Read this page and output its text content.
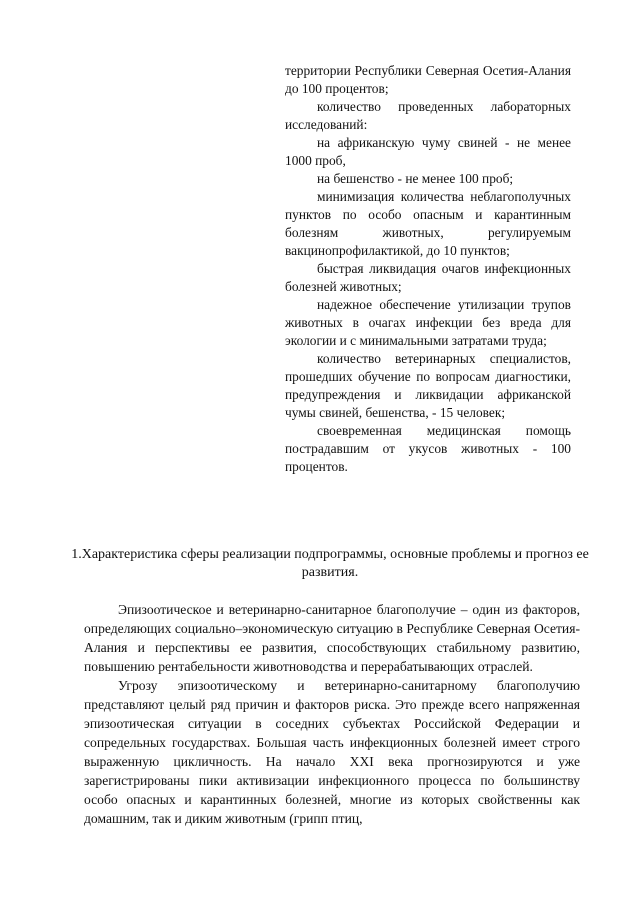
территории Республики Северная Осетия-Алания до 100 процентов;

количество проведенных лабораторных исследований:

на африканскую чуму свиней - не менее 1000 проб,

на бешенство - не менее 100 проб;

минимизация количества неблагополучных пунктов по особо опасным и карантинным болезням животных, регулируемым вакцинопрофилактикой, до 10 пунктов;

быстрая ликвидация очагов инфекционных болезней животных;

надежное обеспечение утилизации трупов животных в очагах инфекции без вреда для экологии и с минимальными затратами труда;

количество ветеринарных специалистов, прошедших обучение по вопросам диагностики, предупреждения и ликвидации африканской чумы свиней, бешенства, - 15 человек;

своевременная медицинская помощь пострадавшим от укусов животных - 100 процентов.

1.Характеристика сферы реализации подпрограммы, основные проблемы и прогноз ее развития.

Эпизоотическое и ветеринарно-санитарное благополучие – один из факторов, определяющих социально–экономическую ситуацию в Республике Северная Осетия-Алания и перспективы ее развития, способствующих стабильному развитию, повышению рентабельности животноводства и перерабатывающих отраслей.

Угрозу эпизоотическому и ветеринарно-санитарному благополучию представляют целый ряд причин и факторов риска. Это прежде всего напряженная эпизоотическая ситуации в соседних субъектах Российской Федерации и сопредельных государствах. Большая часть инфекционных болезней имеет строго выраженную цикличность. На начало XXI века прогнозируются и уже зарегистрированы пики активизации инфекционного процесса по большинству особо опасных и карантинных болезней, многие из которых свойственны как домашним, так и диким животным (грипп птиц,
